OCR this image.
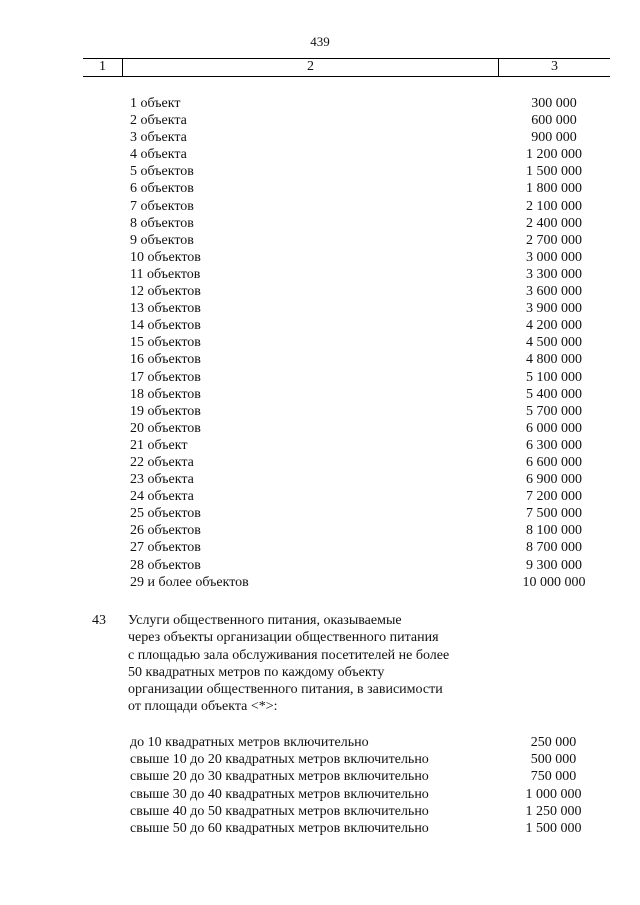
439
1	2	3
1 объект	300 000
2 объекта	600 000
3 объекта	900 000
4 объекта	1 200 000
5 объектов	1 500 000
6 объектов	1 800 000
7 объектов	2 100 000
8 объектов	2 400 000
9 объектов	2 700 000
10 объектов	3 000 000
11 объектов	3 300 000
12 объектов	3 600 000
13 объектов	3 900 000
14 объектов	4 200 000
15 объектов	4 500 000
16 объектов	4 800 000
17 объектов	5 100 000
18 объектов	5 400 000
19 объектов	5 700 000
20 объектов	6 000 000
21 объект	6 300 000
22 объекта	6 600 000
23 объекта	6 900 000
24 объекта	7 200 000
25 объектов	7 500 000
26 объектов	8 100 000
27 объектов	8 700 000
28 объектов	9 300 000
29 и более объектов	10 000 000
43 Услуги общественного питания, оказываемые
через объекты организации общественного питания
с площадью зала обслуживания посетителей не более
50 квадратных метров по каждому объекту
организации общественного питания, в зависимости
от площади объекта <*>:

до 10 квадратных метров включительно	250 000
свыше 10 до 20 квадратных метров включительно	500 000
свыше 20 до 30 квадратных метров включительно	750 000
свыше 30 до 40 квадратных метров включительно	1 000 000
свыше 40 до 50 квадратных метров включительно	1 250 000
свыше 50 до 60 квадратных метров включительно	1 500 000
